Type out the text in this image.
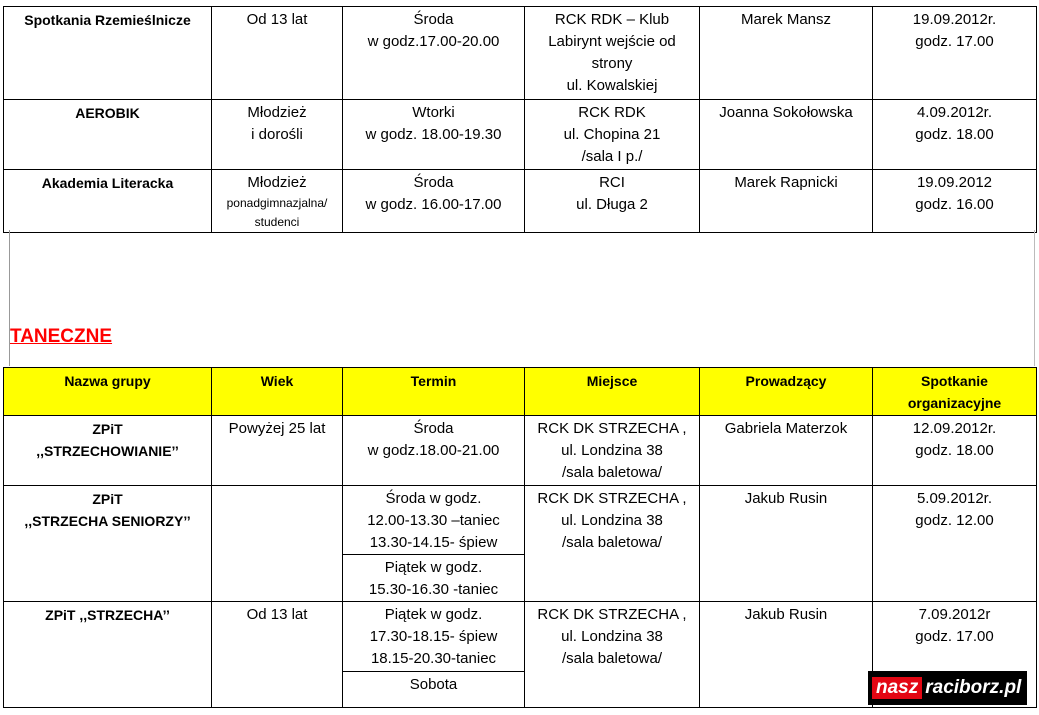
Spotkania Rzemieślnicze	Od 13 lat	Środa
w godz.17.00-20.00	RCK RDK – Klub
Labirynt wejście od
strony
ul. Kowalskiej	Marek Mansz	19.09.2012r.
godz. 17.00

AEROBIK	Młodzież
i dorośli	Wtorki
w godz. 18.00-19.30	RCK RDK
ul. Chopina 21
/sala I p./	Joanna Sokołowska	4.09.2012r.
godz. 18.00

Akademia Literacka	Młodzież
ponadgimnazjalna/
studenci	Środa
w godz. 16.00-17.00	RCI
ul. Długa 2	Marek Rapnicki	19.09.2012
godz. 16.00
TANECZNE
Nazwa grupy	Wiek	Termin	Miejsce	Prowadzący	Spotkanie organizacyjne

ZPiT
,,STRZECHOWIANIE’’	Powyżej 25 lat	Środa
w godz.18.00-21.00	RCK DK STRZECHA ,
ul. Londzina 38
/sala baletowa/	Gabriela Materzok	12.09.2012r.
godz. 18.00

ZPiT
,,STRZECHA SENIORZY’’		Środa w godz.
12.00-13.30 –taniec
13.30-14.15- śpiew	RCK DK STRZECHA ,
ul. Londzina 38
/sala baletowa/	Jakub Rusin	5.09.2012r.
godz. 12.00

		Piątek w godz.
15.30-16.30 -taniec			

ZPiT ,,STRZECHA’’	Od 13 lat	Piątek w godz.
17.30-18.15- śpiew
18.15-20.30-taniec	RCK DK STRZECHA ,
ul. Londzina 38
/sala baletowa/	Jakub Rusin	7.09.2012r
godz. 17.00

		Sobota				nasz raciborz.pl
